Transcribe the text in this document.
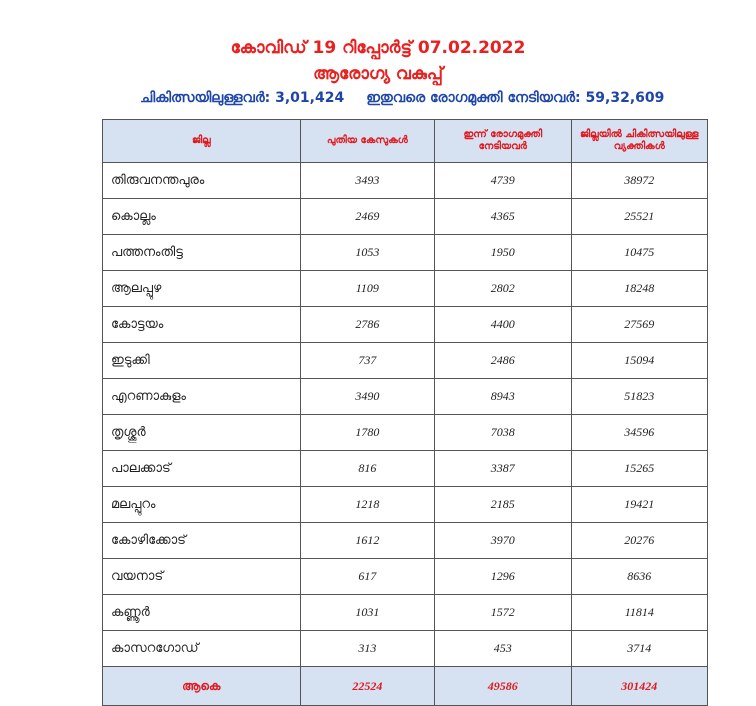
കോവിഡ് 19 റിപ്പോർട്ട് 07.02.2022
ആരോഗ്യ വകുപ്പ്
ചികിത്സയിലുള്ളവർ: 3,01,424 ഇതുവരെ രോഗമുക്തി നേടിയവർ: 59,32,609
ജില്ല	പുതിയ കേസുകൾ	ഇന്ന് രോഗമുക്തി നേടിയവർ	ജില്ലയിൽ ചികിത്സയിലുള്ള വ്യക്തികൾ
തിരുവനന്തപുരം	3493	4739	38972
കൊല്ലം	2469	4365	25521
പത്തനംതിട്ട	1053	1950	10475
ആലപ്പുഴ	1109	2802	18248
കോട്ടയം	2786	4400	27569
ഇടുക്കി	737	2486	15094
എറണാകുളം	3490	8943	51823
തൃശ്ശൂർ	1780	7038	34596
പാലക്കാട്	816	3387	15265
മലപ്പുറം	1218	2185	19421
കോഴിക്കോട്	1612	3970	20276
വയനാട്	617	1296	8636
കണ്ണൂർ	1031	1572	11814
കാസറഗോഡ്	313	453	3714
ആകെ	22524	49586	301424
